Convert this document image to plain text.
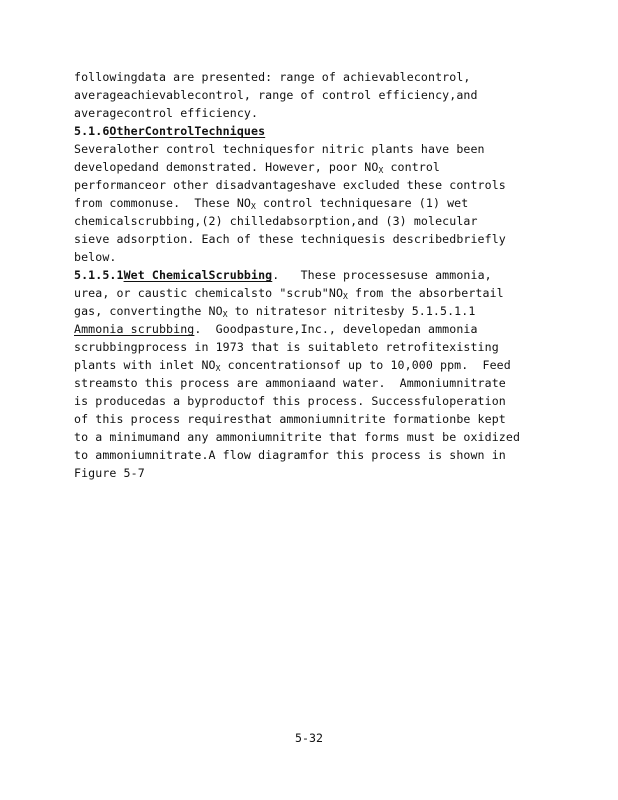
followingdata are presented: range of achievablecontrol,
averageachievablecontrol, range of control efficiency,and
averagecontrol efficiency.
5.1.6OtherControlTechniques
Severalother control techniquesfor nitric plants have been
developedand demonstrated. However, poor $NO_X$ control
performanceor other disadvantageshave excluded these controls
from commonuse.  These $NO_X$ control techniquesare (1) wet
chemicalscrubbing,(2) chilledabsorption,and (3) molecular
sieve adsorption. Each of these techniquesis describedbriefly
below.
5.1.5.1Wet ChemicalScrubbing.   These processesuse ammonia,
urea, or caustic chemicalsto "$scrub"NO_X$ from the absorbertail
gas, convertingthe $NO_X$ to nitratesor nitritesby 5.1.5.1.1
Ammonia scrubbing.  Goodpasture,Inc., developedan ammonia
scrubbingprocess in 1973 that is suitableto retrofitexisting
plants with inlet $NO_X$ concentrationsof up to 10,000 ppm.  Feed
streamsto this process are ammoniaand water.  Ammoniumnitrate
is producedas a byproductof this process. Successfuloperation
of this process requiresthat ammoniumnitrite formationbe kept
to a minimumand any ammoniumnitrite that forms must be oxidized
to ammoniumnitrate.A flow diagramfor this process is shown in
Figure 5-7
5-32
